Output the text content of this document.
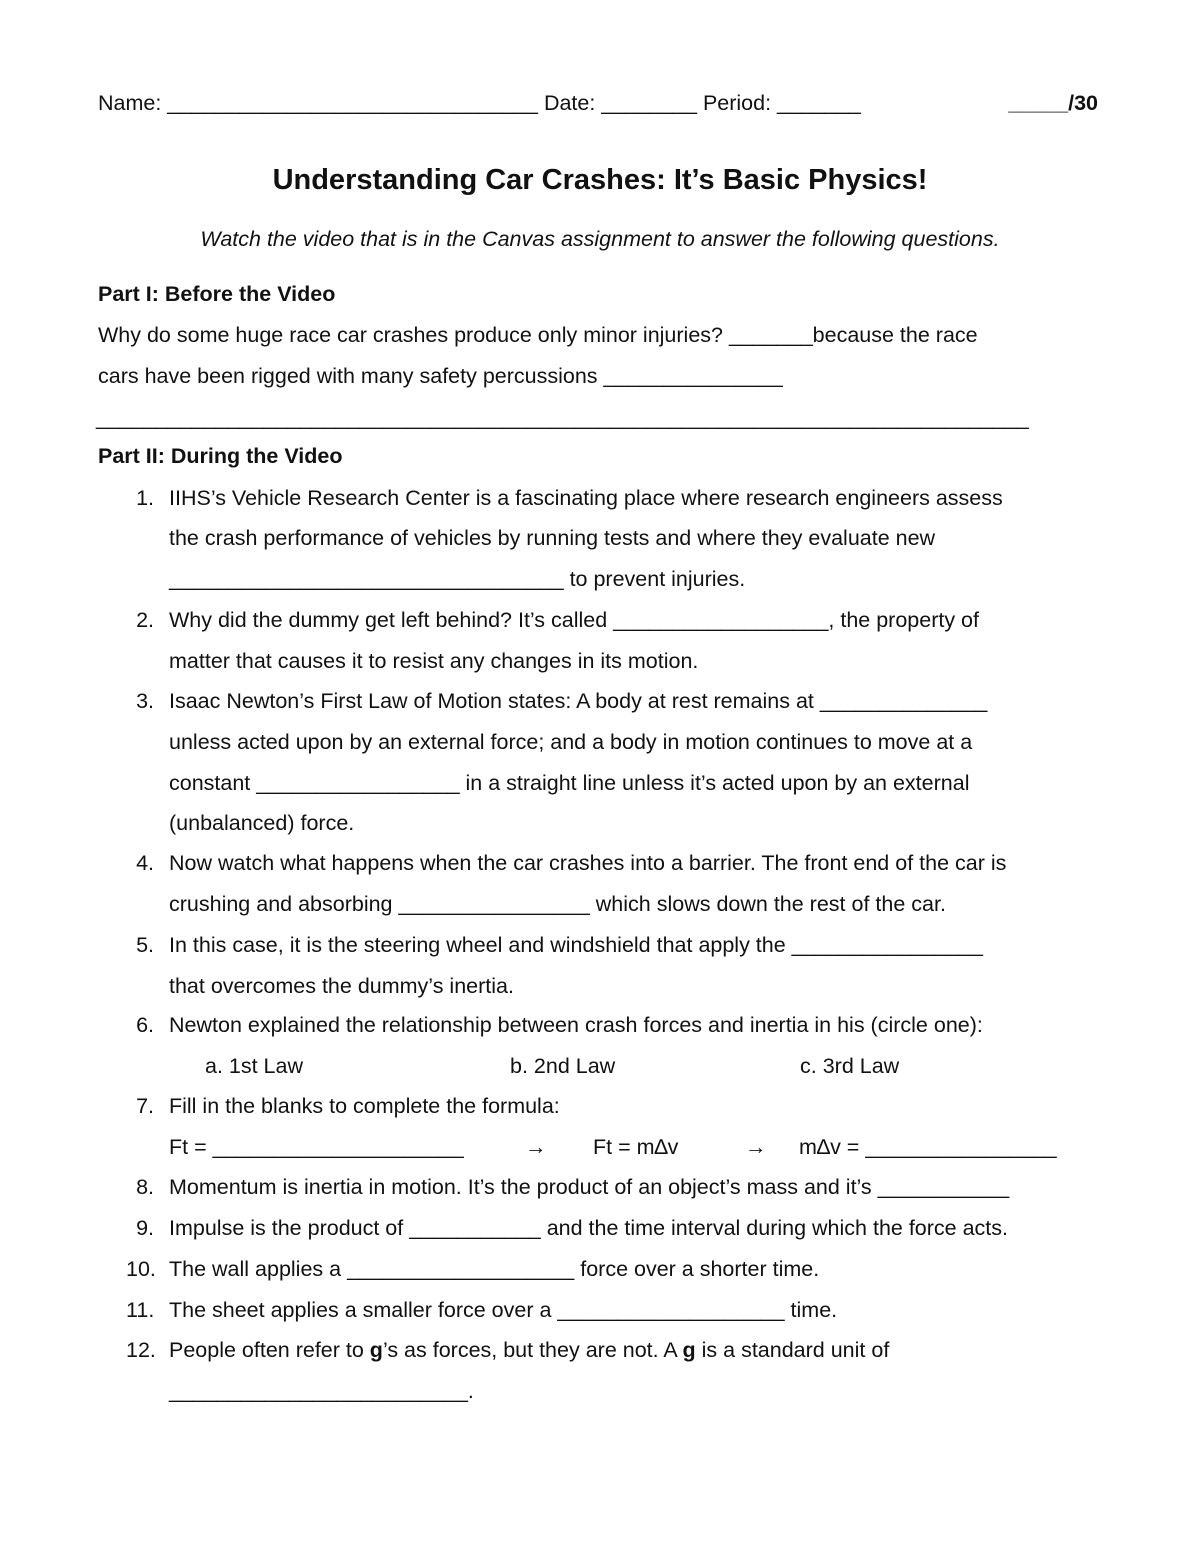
Name: _______________________________ Date: ________ Period: _______	_____/30
Understanding Car Crashes: It’s Basic Physics!
Watch the video that is in the Canvas assignment to answer the following questions.
Part I: Before the Video
Why do some huge race car crashes produce only minor injuries? _______because the race
cars have been rigged with many safety percussions _______________
______________________________________________________________________________
Part II: During the Video
1. IIHS’s Vehicle Research Center is a fascinating place where research engineers assess
the crash performance of vehicles by running tests and where they evaluate new
_________________________________ to prevent injuries.
2. Why did the dummy get left behind? It’s called __________________, the property of
matter that causes it to resist any changes in its motion.
3. Isaac Newton’s First Law of Motion states: A body at rest remains at ______________
unless acted upon by an external force; and a body in motion continues to move at a
constant _________________ in a straight line unless it’s acted upon by an external
(unbalanced) force.
4. Now watch what happens when the car crashes into a barrier. The front end of the car is
crushing and absorbing ________________ which slows down the rest of the car.
5. In this case, it is the steering wheel and windshield that apply the ________________
that overcomes the dummy’s inertia.
6. Newton explained the relationship between crash forces and inertia in his (circle one):
a. 1st Law	b. 2nd Law	c. 3rd Law
7. Fill in the blanks to complete the formula:
Ft = _____________________	→ Ft = m∆v	→ m∆v = ________________
8. Momentum is inertia in motion. It’s the product of an object’s mass and it’s ___________
9. Impulse is the product of ___________ and the time interval during which the force acts.
10. The wall applies a ___________________ force over a shorter time.
11. The sheet applies a smaller force over a ___________________ time.
12. People often refer to g’s as forces, but they are not. A g is a standard unit of
_________________________.
